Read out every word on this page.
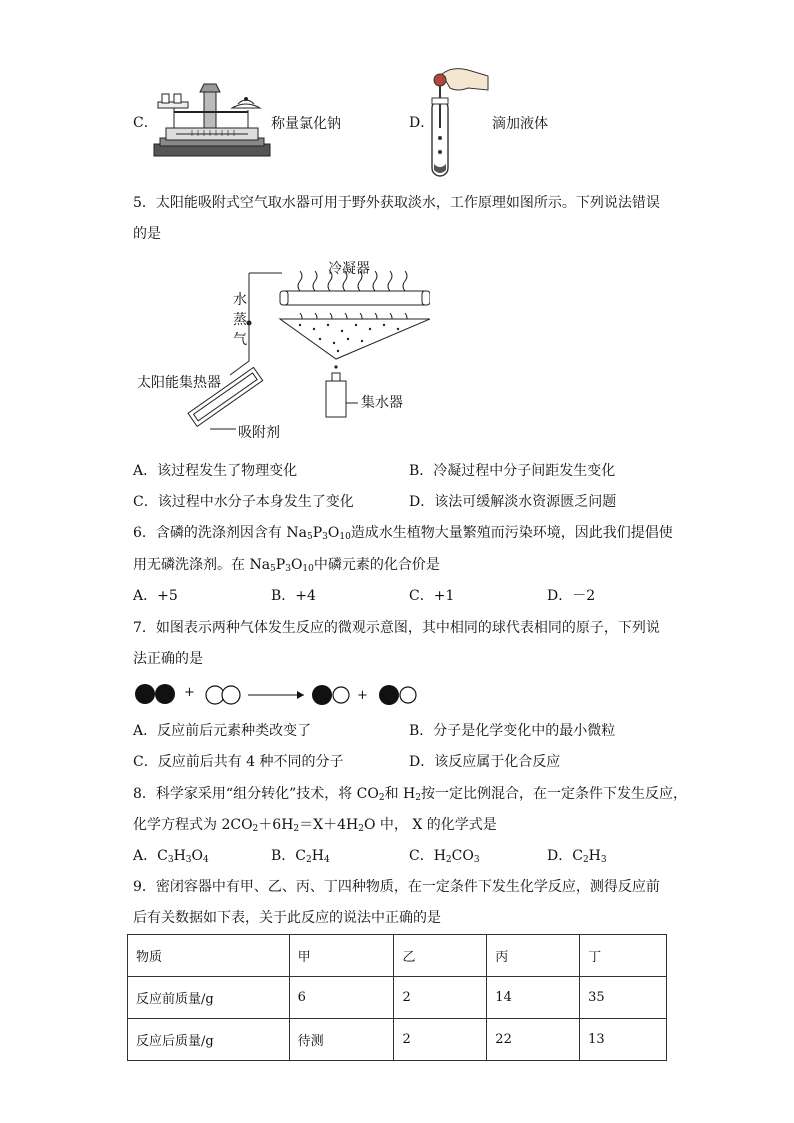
C．	称量氯化钠	D．	滴加液体
5．太阳能吸附式空气取水器可用于野外获取淡水，工作原理如图所示。下列说法错误
的是
冷凝器
水
蒸
气
太阳能集热器
吸附剂
集水器
A．该过程发生了物理变化	B．冷凝过程中分子间距发生变化
C．该过程中水分子本身发生了变化	D．该法可缓解淡水资源匮乏问题
6．含磷的洗涤剂因含有 $Na_5P_3O_{10}$造成水生植物大量繁殖而污染环境，因此我们提倡使
用无磷洗涤剂。在 $Na_5P_3O_{10}$中磷元素的化合价是
A．+5	B．+4	C．+1	D．－2
7．如图表示两种气体发生反应的微观示意图，其中相同的球代表相同的原子，下列说
法正确的是
+	+
A．反应前后元素种类改变了	B．分子是化学变化中的最小微粒
C．反应前后共有 4 种不同的分子	D．该反应属于化合反应
8．科学家采用“组分转化”技术，将 $CO_2$和 $H_2$按一定比例混合，在一定条件下发生反应，
化学方程式为 $2CO_2+6H_2=X+4H_2O$ 中， X 的化学式是
A．$C_3H_3O_4$	B．$C_2H_4$	C．$H_2CO_3$	D．$C_2H_3$
9．密闭容器中有甲、乙、丙、丁四种物质，在一定条件下发生化学反应，测得反应前
后有关数据如下表，关于此反应的说法中正确的是
物质	甲	乙	丙	丁
反应前质量/g	6	2	14	35
反应后质量/g	待测	2	22	13
